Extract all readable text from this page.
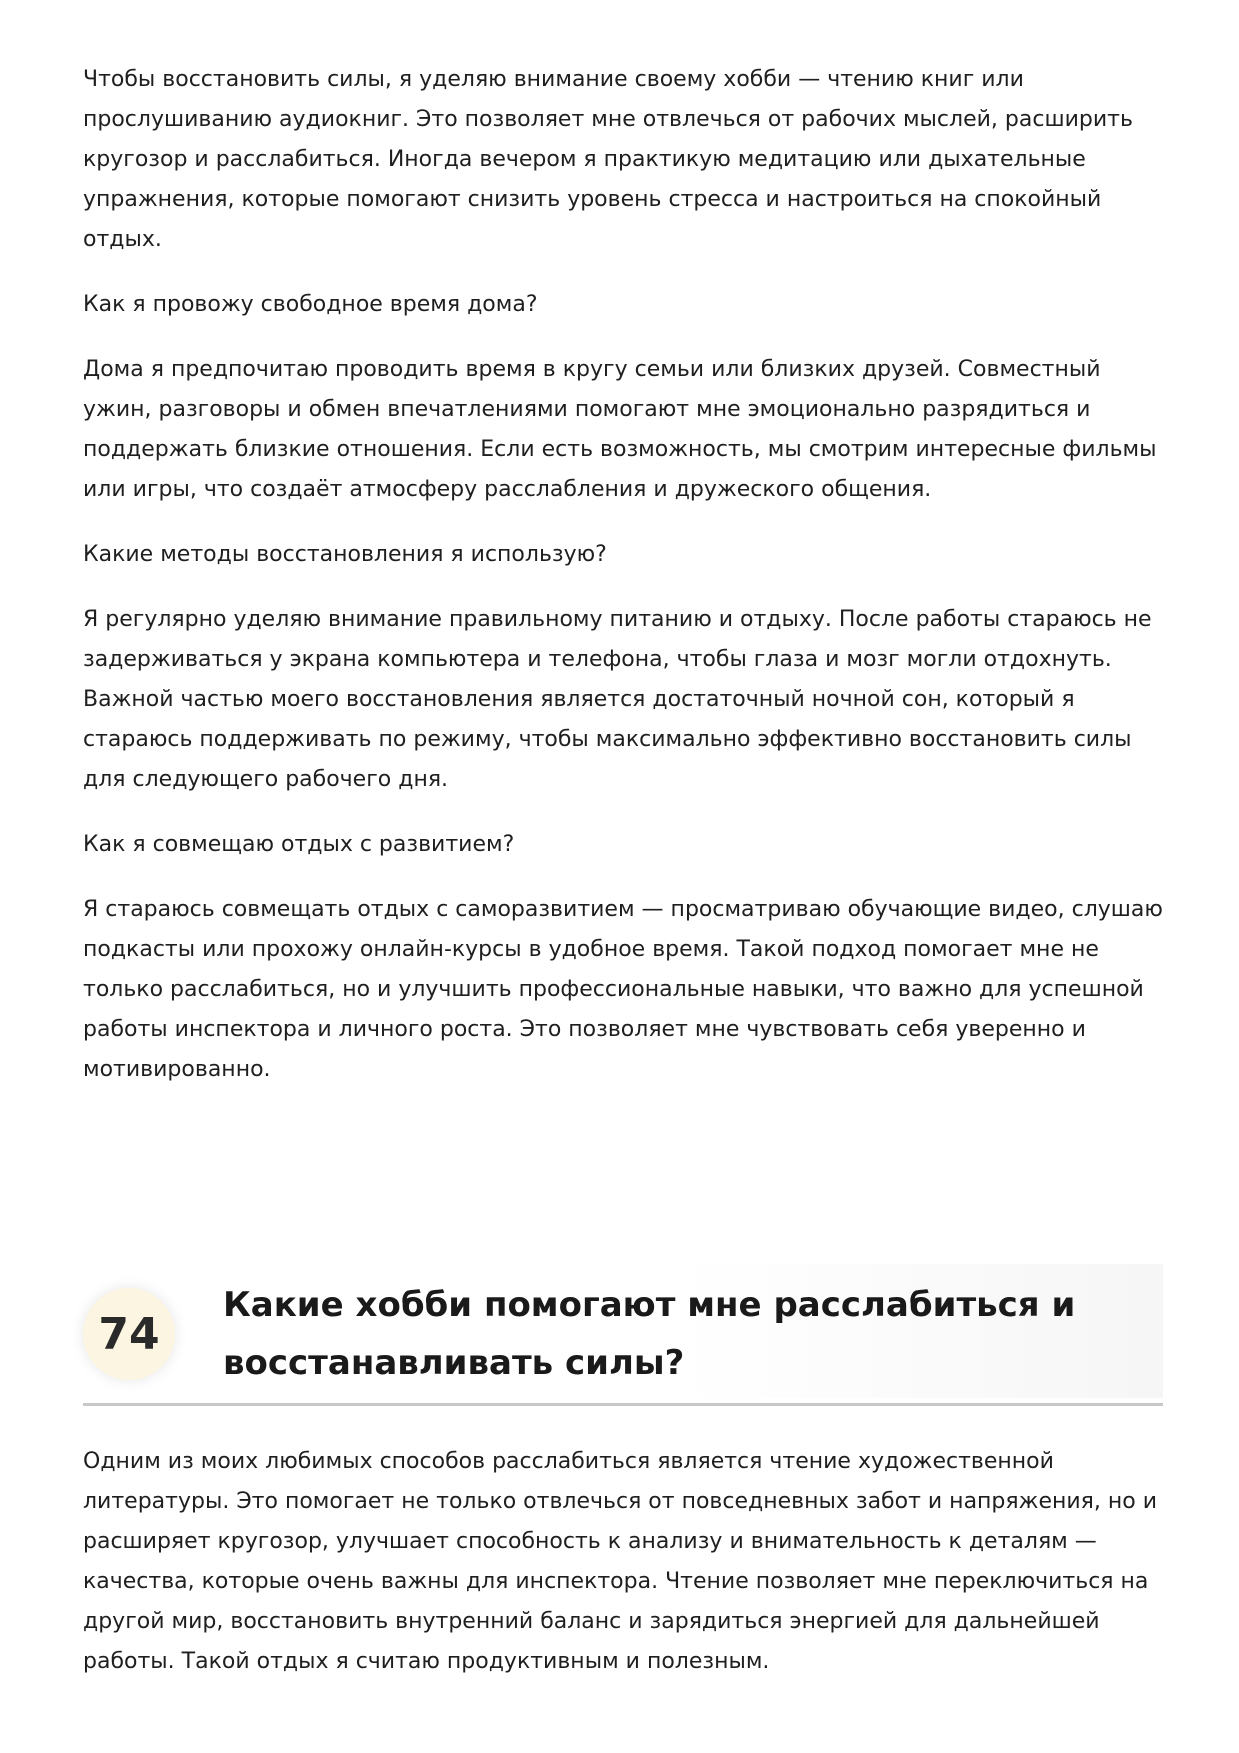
Чтобы восстановить силы, я уделяю внимание своему хобби — чтению книг или прослушиванию аудиокниг. Это позволяет мне отвлечься от рабочих мыслей, расширить кругозор и расслабиться. Иногда вечером я практикую медитацию или дыхательные упражнения, которые помогают снизить уровень стресса и настроиться на спокойный отдых.

Как я провожу свободное время дома?

Дома я предпочитаю проводить время в кругу семьи или близких друзей. Совместный ужин, разговоры и обмен впечатлениями помогают мне эмоционально разрядиться и поддержать близкие отношения. Если есть возможность, мы смотрим интересные фильмы или игры, что создаёт атмосферу расслабления и дружеского общения.

Какие методы восстановления я использую?

Я регулярно уделяю внимание правильному питанию и отдыху. После работы стараюсь не задерживаться у экрана компьютера и телефона, чтобы глаза и мозг могли отдохнуть. Важной частью моего восстановления является достаточный ночной сон, который я стараюсь поддерживать по режиму, чтобы максимально эффективно восстановить силы для следующего рабочего дня.

Как я совмещаю отдых с развитием?

Я стараюсь совмещать отдых с саморазвитием — просматриваю обучающие видео, слушаю подкасты или прохожу онлайн-курсы в удобное время. Такой подход помогает мне не только расслабиться, но и улучшить профессиональные навыки, что важно для успешной работы инспектора и личного роста. Это позволяет мне чувствовать себя уверенно и мотивированно.

74
Какие хобби помогают мне расслабиться и восстанавливать силы?

Одним из моих любимых способов расслабиться является чтение художественной литературы. Это помогает не только отвлечься от повседневных забот и напряжения, но и расширяет кругозор, улучшает способность к анализу и внимательность к деталям — качества, которые очень важны для инспектора. Чтение позволяет мне переключиться на другой мир, восстановить внутренний баланс и зарядиться энергией для дальнейшей работы. Такой отдых я считаю продуктивным и полезным.
